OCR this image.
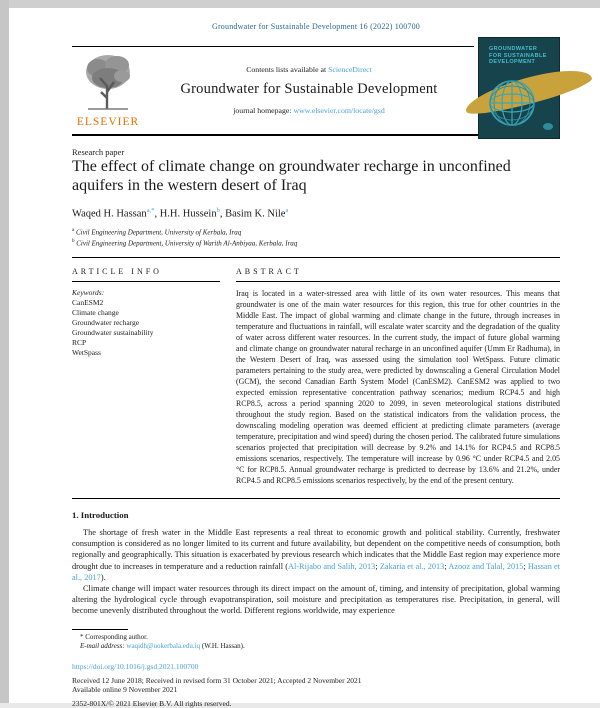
Groundwater for Sustainable Development 16 (2022) 100700
ELSEVIER
Contents lists available at ScienceDirect
Groundwater for Sustainable Development
journal homepage: www.elsevier.com/locate/gsd
GROUNDWATER
FOR SUSTAINABLE
DEVELOPMENT
Research paper
The effect of climate change on groundwater recharge in unconfined aquifers in the western desert of Iraq
Waqed H. Hassan$^{a,*}$, H.H. Hussein$^b$, Basim K. Nile$^a$
$^a$ Civil Engineering Department, University of Kerbala, Iraq
$^b$ Civil Engineering Department, University of Warith Al-Anbiyaa, Kerbala, Iraq
ARTICLE INFO
Keywords:
CanESM2
Climate change
Groundwater recharge
Groundwater sustainability
RCP
WetSpass
ABSTRACT
Iraq is located in a water-stressed area with little of its own water resources. This means that groundwater is one of the main water resources for this region, this true for other countries in the Middle East. The impact of global warming and climate change in the future, through increases in temperature and fluctuations in rainfall, will escalate water scarcity and the degradation of the quality of water across different water resources. In the current study, the impact of future global warming and climate change on groundwater natural recharge in an unconfined aquifer (Umm Er Radhuma), in the Western Desert of Iraq, was assessed using the simulation tool WetSpass. Future climatic parameters pertaining to the study area, were predicted by downscaling a General Circulation Model (GCM), the second Canadian Earth System Model (CanESM2). CanESM2 was applied to two expected emission representative concentration pathway scenarios; medium RCP4.5 and high RCP8.5, across a period spanning 2020 to 2099, in seven meteorological stations distributed throughout the study region. Based on the statistical indicators from the validation process, the downscaling modeling operation was deemed efficient at predicting climate parameters (average temperature, precipitation and wind speed) during the chosen period. The calibrated future simulations scenarios projected that precipitation will decrease by 9.2% and 14.1% for RCP4.5 and RCP8.5 emissions scenarios, respectively. The temperature will increase by 0.96 °C under RCP4.5 and 2.05 °C for RCP8.5. Annual groundwater recharge is predicted to decrease by 13.6% and 21.2%, under RCP4.5 and RCP8.5 emissions scenarios respectively, by the end of the present century.
1. Introduction

The shortage of fresh water in the Middle East represents a real threat to economic growth and political stability. Currently, freshwater consumption is considered as no longer limited to its current and future availability, but dependent on the competitive needs of consumption, both regionally and geographically. This situation is exacerbated by previous research which indicates that the Middle East region may experience more drought due to increases in temperature and a reduction rainfall (Al-Rijabo and Salih, 2013; Zakaria et al., 2013; Azooz and Talal, 2015; Hassan et al., 2017).

Climate change will impact water resources through its direct impact on the amount of, timing, and intensity of precipitation, global warming altering the hydrological cycle through evapotranspiration, soil moisture and precipitation as temperatures rise. Precipitation, in general, will become unevenly distributed throughout the world. Different regions worldwide, may experience

* Corresponding author.
E-mail address: waqidh@uokerbala.edu.iq (W.H. Hassan).
https://doi.org/10.1016/j.gsd.2021.100700
Received 12 June 2018; Received in revised form 31 October 2021; Accepted 2 November 2021
Available online 9 November 2021
2352-801X/© 2021 Elsevier B.V. All rights reserved.
